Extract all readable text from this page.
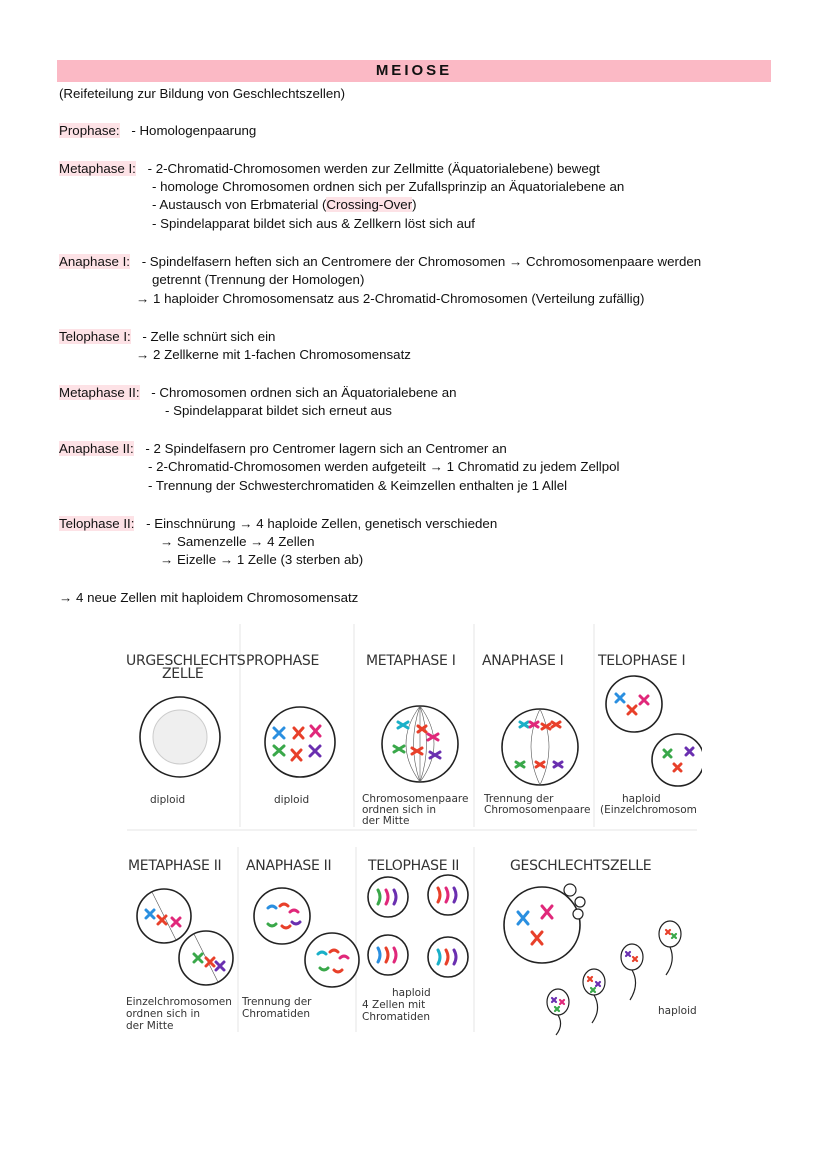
MEIOSE
(Reifeteilung zur Bildung von Geschlechtszellen)
Prophase: - Homologenpaarung
Metaphase I: - 2-Chromatid-Chromosomen werden zur Zellmitte (Äquatorialebene) bewegt
- homologe Chromosomen ordnen sich per Zufallsprinzip an Äquatorialebene an
- Austausch von Erbmaterial (Crossing-Over)
- Spindelapparat bildet sich aus & Zellkern löst sich auf
Anaphase I: - Spindelfasern heften sich an Centromere der Chromosomen → Cchromosomenpaare werden
getrennt (Trennung der Homologen)
→ 1 haploider Chromosomensatz aus 2-Chromatid-Chromosomen (Verteilung zufällig)
Telophase I: - Zelle schnürt sich ein
→ 2 Zellkerne mit 1-fachen Chromosomensatz
Metaphase II: - Chromosomen ordnen sich an Äquatorialebene an
- Spindelapparat bildet sich erneut aus
Anaphase II: - 2 Spindelfasern pro Centromer lagern sich an Centromer an
- 2-Chromatid-Chromosomen werden aufgeteilt → 1 Chromatid zu jedem Zellpol
- Trennung der Schwesterchromatiden & Keimzellen enthalten je 1 Allel
Telophase II: - Einschnürung → 4 haploide Zellen, genetisch verschieden
→ Samenzelle → 4 Zellen
→ Eizelle → 1 Zelle (3 sterben ab)
→ 4 neue Zellen mit haploidem Chromosomensatz
URGESCHLECHTS
ZELLE
PROPHASE	METAPHASE I ANAPHASE I TELOPHASE I
diploid	diploid	Chromosomenpaare
ordnen sich in
der Mitte
Trennung der
Chromosomenpaare
haploid
(Einzelchromosom
METAPHASE II ANAPHASE II	TELOPHASE II	GESCHLECHTSZELLE
Einzelchromosomen
ordnen sich in
der Mitte
Trennung der
Chromatiden
haploid
4 Zellen mit
Chromatiden	haploid
